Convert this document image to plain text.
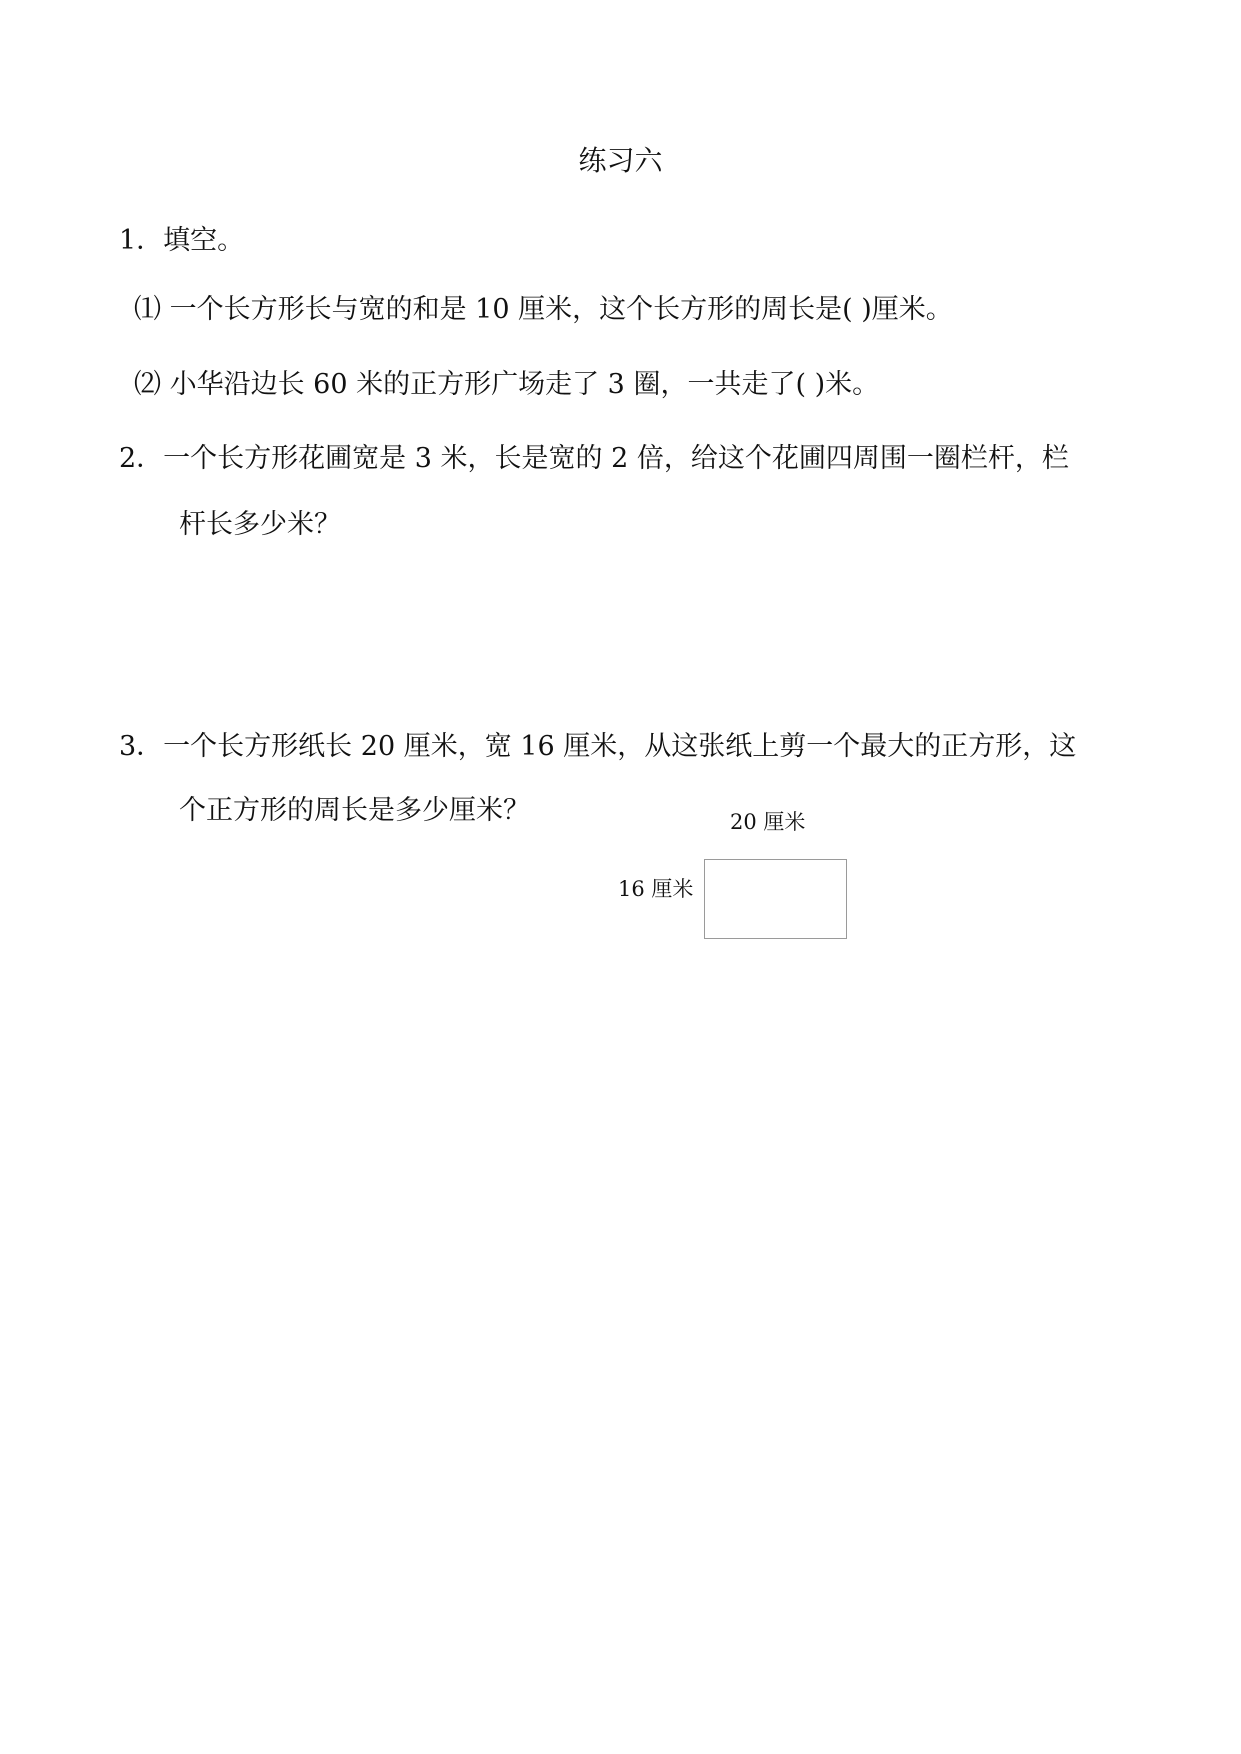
练习六
1．填空。
⑴ 一个长方形长与宽的和是 10 厘米，这个长方形的周长是( )厘米。
⑵ 小华沿边长 60 米的正方形广场走了 3 圈，一共走了( )米。
2．一个长方形花圃宽是 3 米，长是宽的 2 倍，给这个花圃四周围一圈栏杆，栏
杆长多少米？
3．一个长方形纸长 20 厘米，宽 16 厘米，从这张纸上剪一个最大的正方形，这
个正方形的周长是多少厘米？	20 厘米
16 厘米
